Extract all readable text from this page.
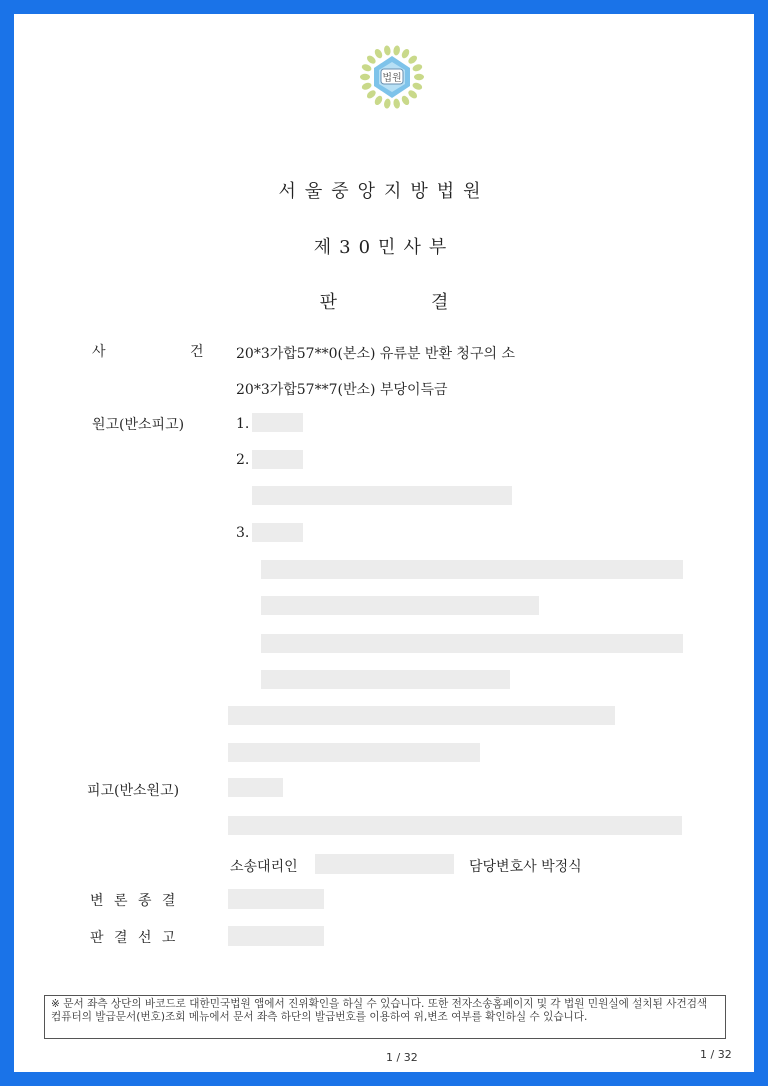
법원
서울중앙지방법원
제30민사부
판	결
사 건
20*3가합57**0(본소) 유류분 반환 청구의 소
20*3가합57**7(반소) 부당이득금
원고(반소피고)	1.
2.
3.
피고(반소원고)
소송대리인	담당변호사 박정식
변 론 종 결
판 결 선 고
※ 문서 좌측 상단의 바코드로 대한민국법원 앱에서 진위확인을 하실 수 있습니다. 또한 전자소송홈페이지 및 각 법원 민원실에 설치된 사건검색 컴퓨터의 발급문서(번호)조회 메뉴에서 문서 좌측 하단의 발급번호를 이용하여 위,변조 여부를 확인하실 수 있습니다.
1 / 32	1 / 32
